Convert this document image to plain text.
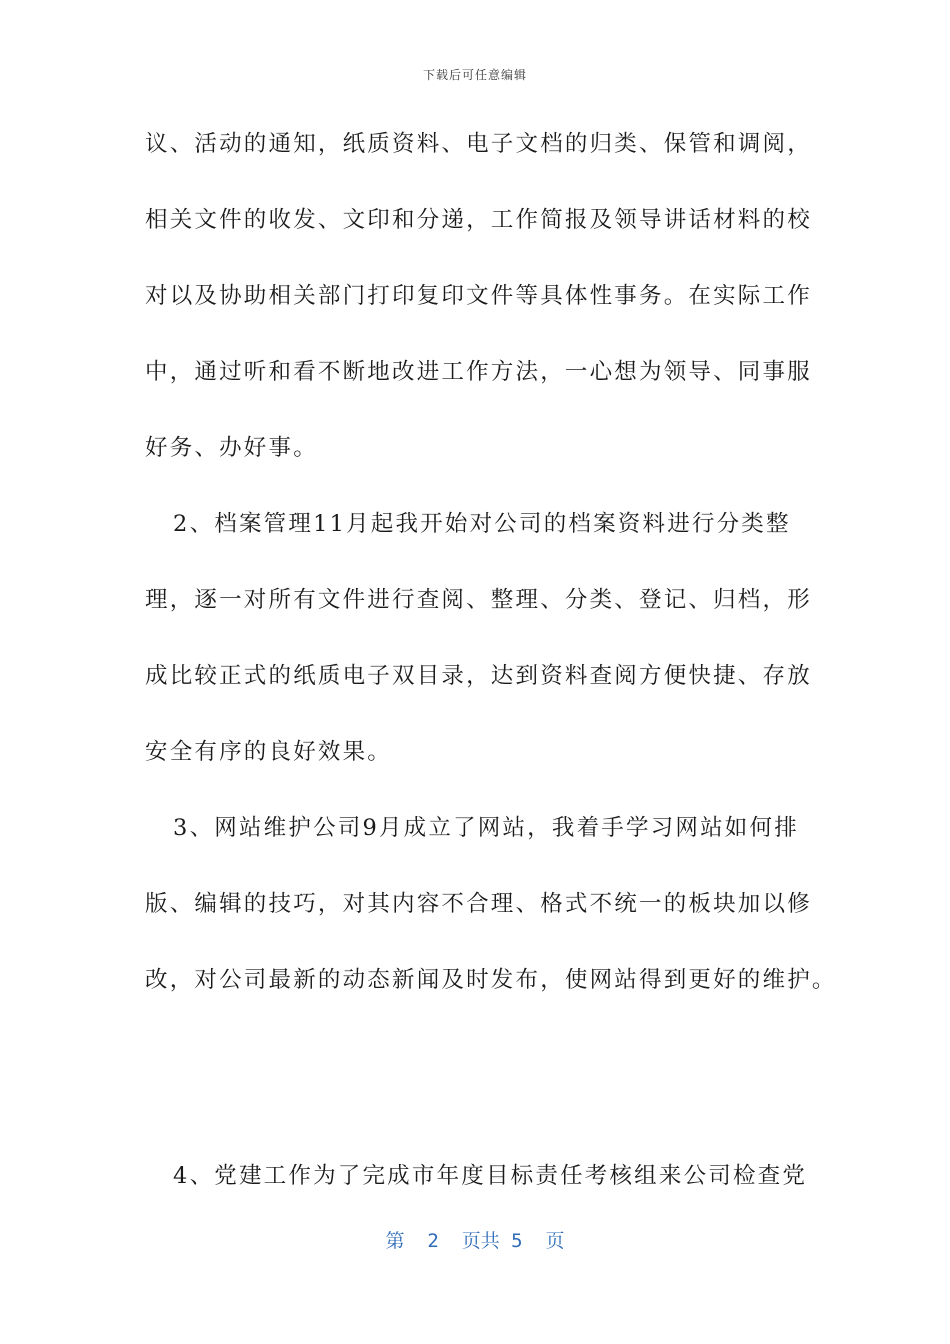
下载后可任意编辑
议、活动的通知，纸质资料、电子文档的归类、保管和调阅，
相关文件的收发、文印和分递，工作简报及领导讲话材料的校
对以及协助相关部门打印复印文件等具体性事务。在实际工作
中，通过听和看不断地改进工作方法，一心想为领导、同事服
好务、办好事。
2、档案管理11月起我开始对公司的档案资料进行分类整
理，逐一对所有文件进行查阅、整理、分类、登记、归档，形
成比较正式的纸质电子双目录，达到资料查阅方便快捷、存放
安全有序的良好效果。
3、网站维护公司9月成立了网站，我着手学习网站如何排
版、编辑的技巧，对其内容不合理、格式不统一的板块加以修
改，对公司最新的动态新闻及时发布，使网站得到更好的维护。
4、党建工作为了完成市年度目标责任考核组来公司检查党
第  2  页共 5  页
